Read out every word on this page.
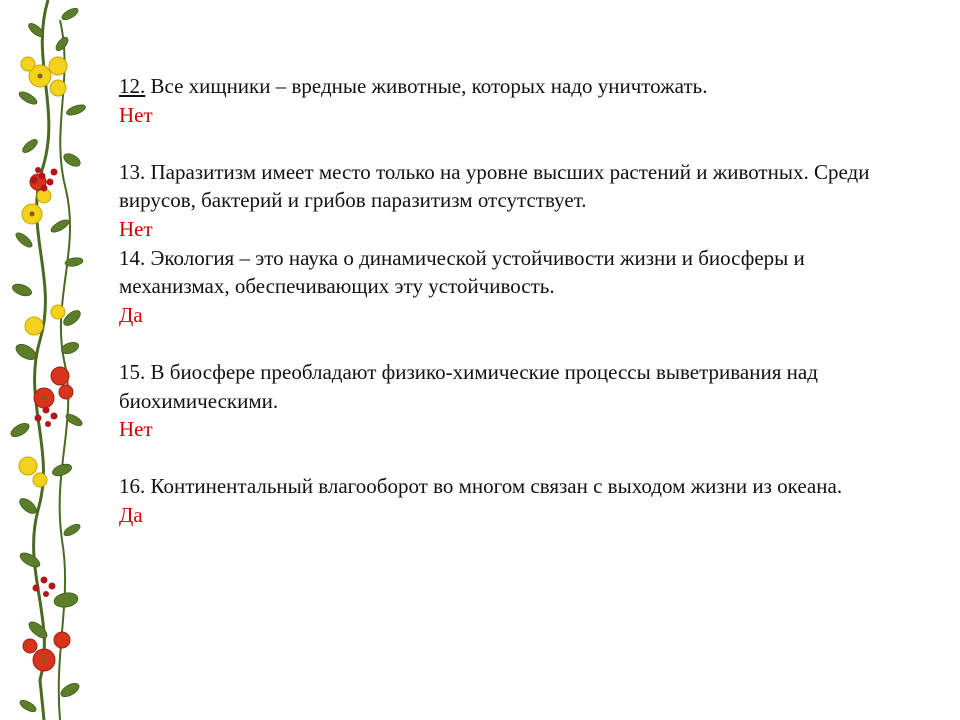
12. Все хищники – вредные животные, которых надо уничтожать.

Нет

13. Паразитизм имеет место только на уровне высших растений и животных. Среди вирусов, бактерий и грибов паразитизм отсутствует.

Нет

14. Экология – это наука о динамической устойчивости жизни и биосферы и механизмах, обеспечивающих эту устойчивость.

Да

15. В биосфере преобладают физико-химические процессы выветривания над биохимическими.

Нет

16. Континентальный влагооборот во многом связан с выходом жизни из океана.

Да
